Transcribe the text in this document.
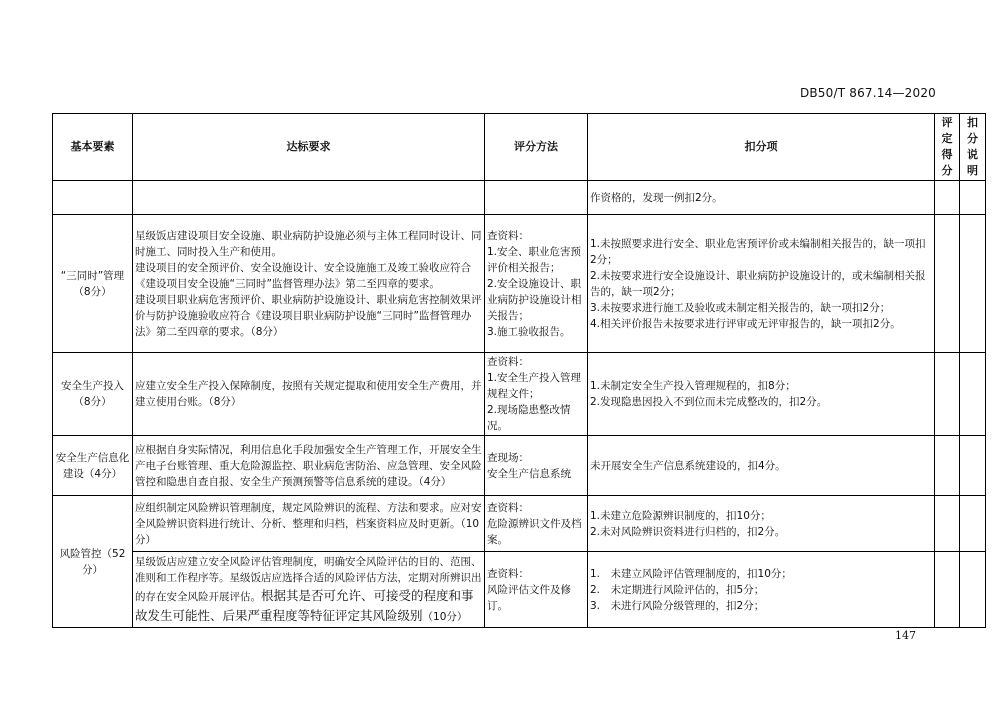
DB50/T 867.14—2020
基本要素	达标要求	评分方法	扣分项	评定得分	扣分说明

			作资格的，发现一例扣2分。		

“三同时”管理（8分）	星级饭店建设项目安全设施、职业病防护设施必须与主体工程同时设计、同时施工、同时投入生产和使用。
建设项目的安全预评价、安全设施设计、安全设施施工及竣工验收应符合《建设项目安全设施“三同时”监督管理办法》第二至四章的要求。
建设项目职业病危害预评价、职业病防护设施设计、职业病危害控制效果评价与防护设施验收应符合《建设项目职业病防护设施“三同时”监督管理办法》第二至四章的要求。（8分）	查资料：
1.安全、职业危害预评价相关报告；
2.安全设施设计、职业病防护设施设计相关报告；
3.施工验收报告。	1.未按照要求进行安全、职业危害预评价或未编制相关报告的，缺一项扣2分；
2.未按要求进行安全设施设计、职业病防护设施设计的，或未编制相关报告的，缺一项2分；
3.未按要求进行施工及验收或未制定相关报告的，缺一项扣2分；
4.相关评价报告未按要求进行评审或无评审报告的，缺一项扣2分。		

安全生产投入（8分）	应建立安全生产投入保障制度，按照有关规定提取和使用安全生产费用，并建立使用台账。（8分）	查资料：
1.安全生产投入管理规程文件；
2.现场隐患整改情况。	1.未制定安全生产投入管理规程的，扣8分；
2.发现隐患因投入不到位而未完成整改的，扣2分。		

安全生产信息化建设（4分）	应根据自身实际情况，利用信息化手段加强安全生产管理工作，开展安全生产电子台账管理、重大危险源监控、职业病危害防治、应急管理、安全风险管控和隐患自查自报、安全生产预测预警等信息系统的建设。（4分）	查现场：
安全生产信息系统	未开展安全生产信息系统建设的，扣4分。		

风险管控（52分）	应组织制定风险辨识管理制度，规定风险辨识的流程、方法和要求。应对安全风险辨识资料进行统计、分析、整理和归档，档案资料应及时更新。（10分）	查资料：
危险源辨识文件及档案。	1.未建立危险源辨识制度的，扣10分；
2.未对风险辨识资料进行归档的，扣2分。		

	星级饭店应建立安全风险评估管理制度，明确安全风险评估的目的、范围、准则和工作程序等。星级饭店应选择合适的风险评估方法，定期对所辨识出的存在安全风险开展评估。根据其是否可允许、可接受的程度和事故发生可能性、后果严重程度等特征评定其风险级别（10分）	查资料：
风险评估文件及修订。	1.　未建立风险评估管理制度的，扣10分；
2.　未定期进行风险评估的，扣5分；
3.　未进行风险分级管理的，扣2分；		

147
